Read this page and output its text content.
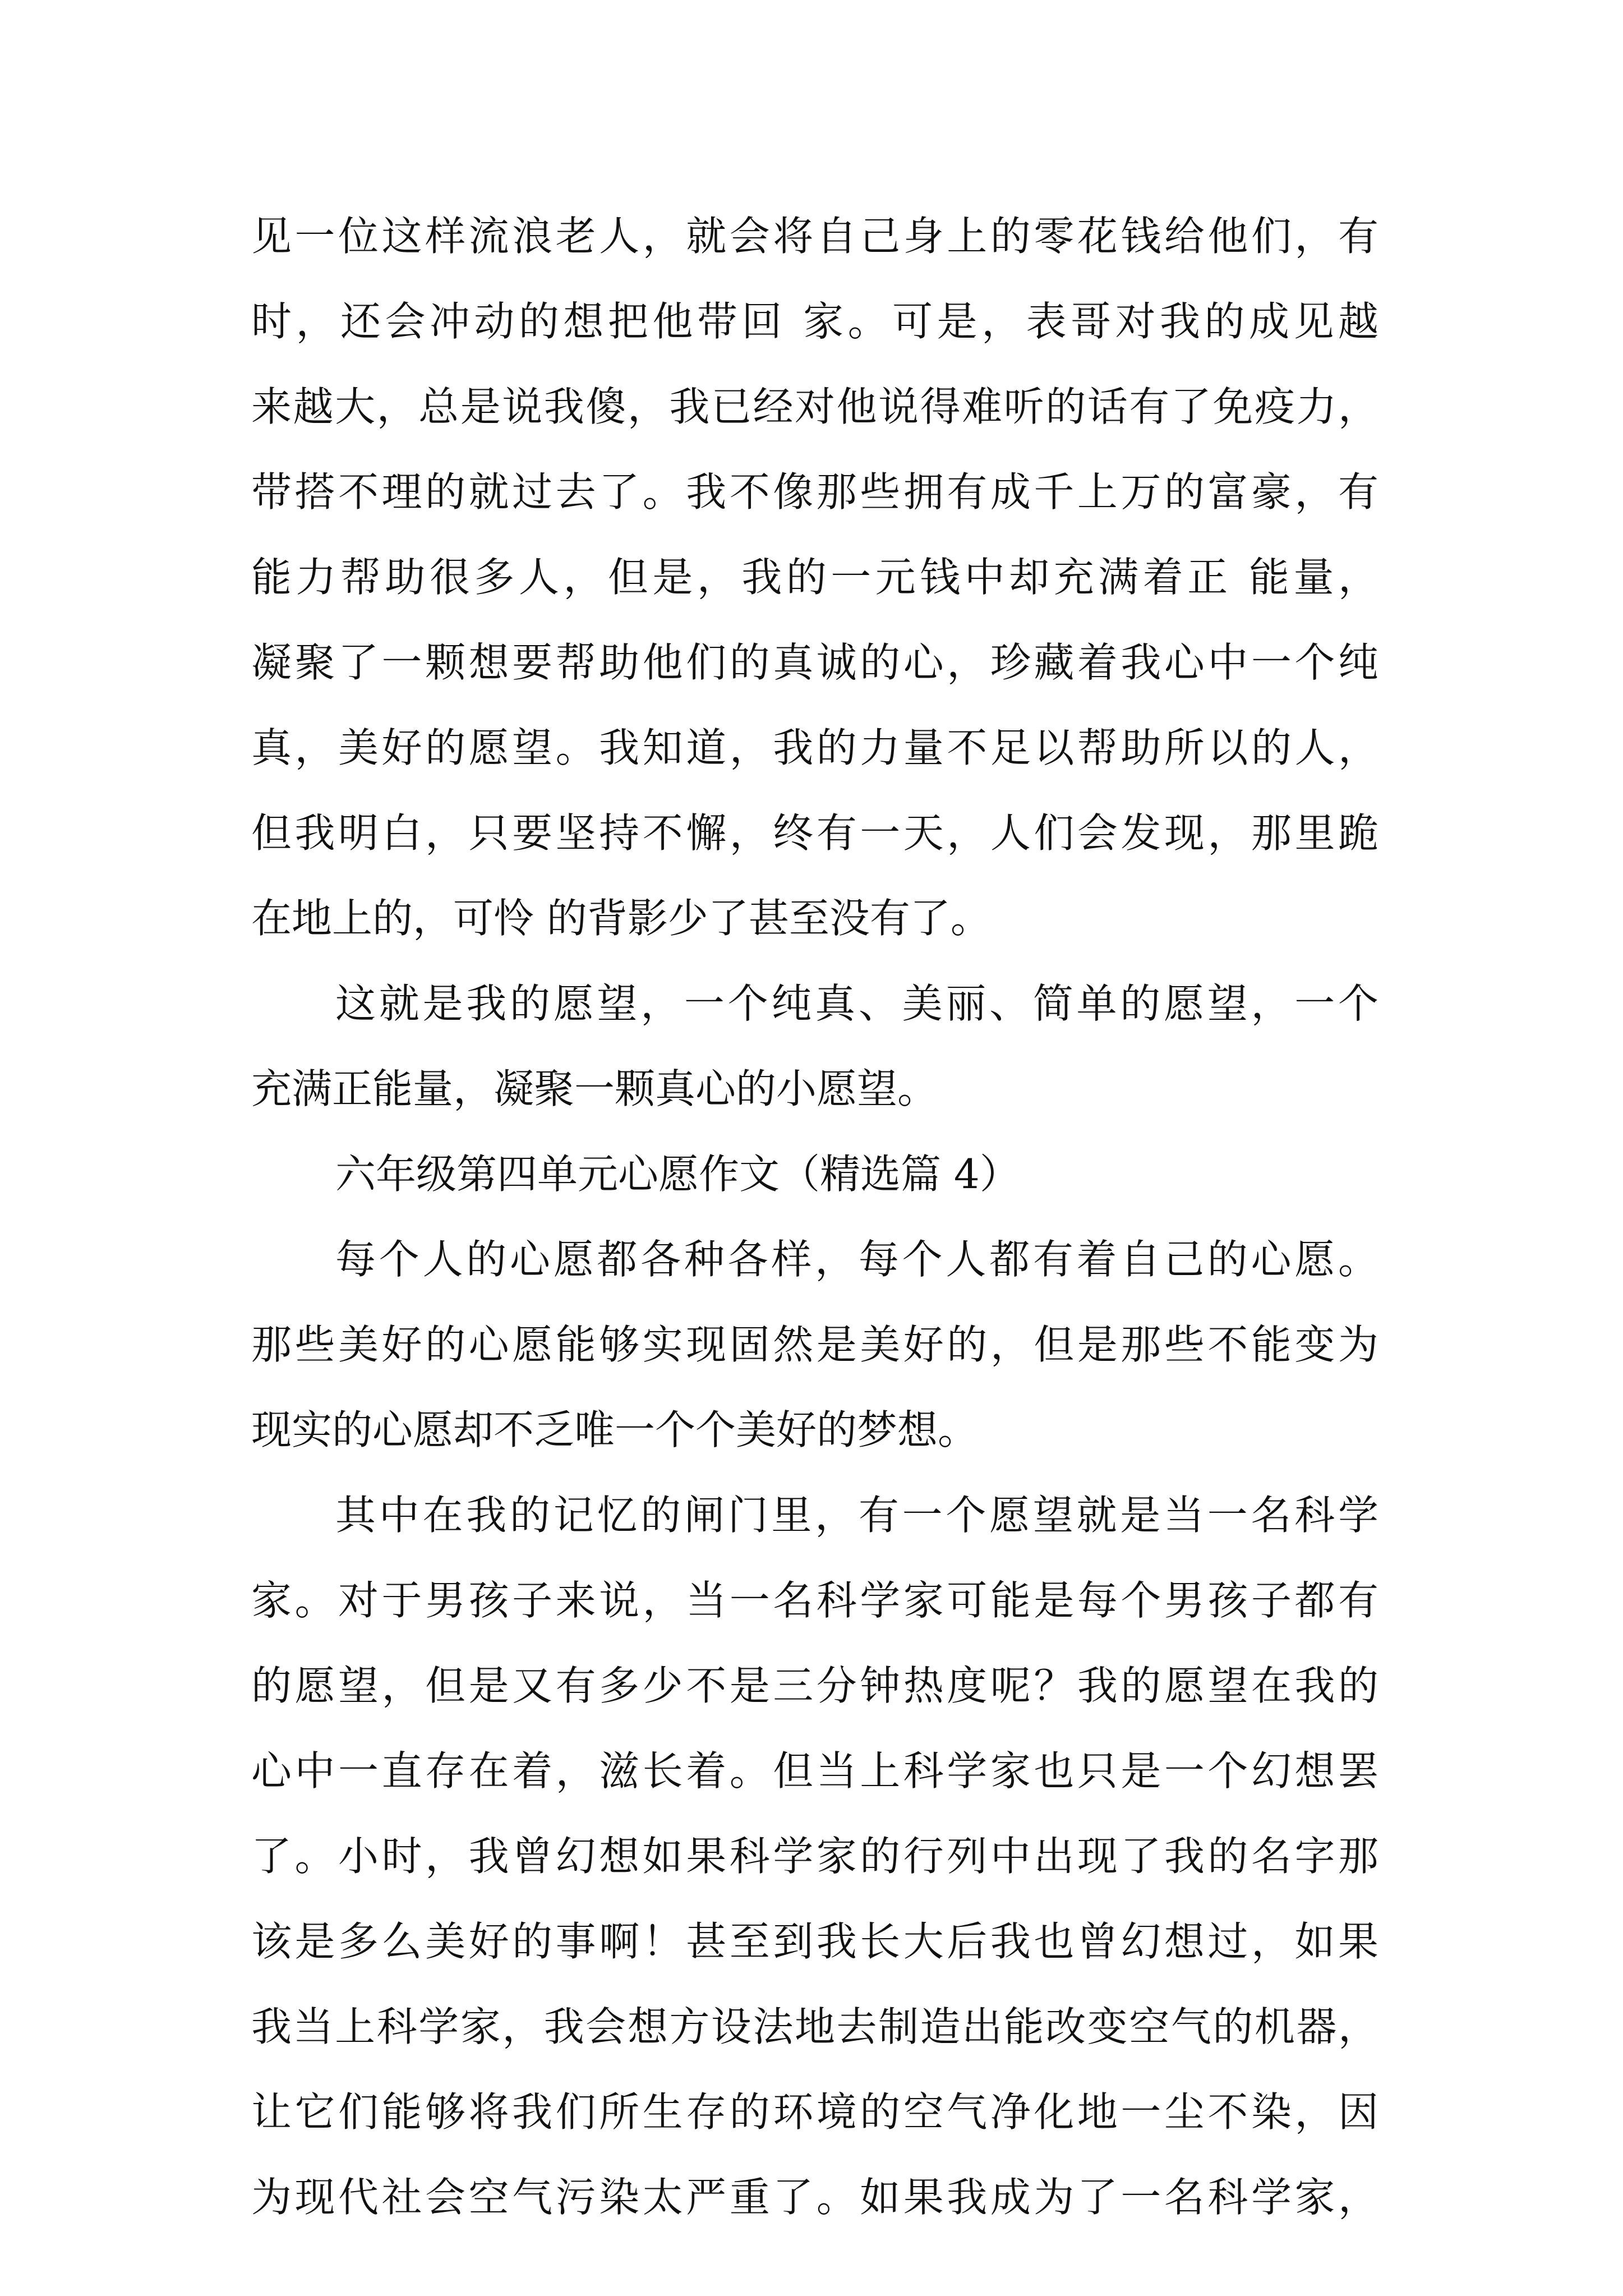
见一位这样流浪老人，就会将自己身上的零花钱给他们，有
时，还会冲动的想把他带回 家。可是，表哥对我的成见越
来越大，总是说我傻，我已经对他说得难听的话有了免疫力，
带搭不理的就过去了。我不像那些拥有成千上万的富豪，有
能力帮助很多人，但是，我的一元钱中却充满着正 能量，
凝聚了一颗想要帮助他们的真诚的心，珍藏着我心中一个纯
真，美好的愿望。我知道，我的力量不足以帮助所以的人，
但我明白，只要坚持不懈，终有一天，人们会发现，那里跪
在地上的，可怜 的背影少了甚至没有了。
这就是我的愿望，一个纯真、美丽、简单的愿望，一个
充满正能量，凝聚一颗真心的小愿望。
六年级第四单元心愿作文（精选篇 4）
每个人的心愿都各种各样，每个人都有着自己的心愿。
那些美好的心愿能够实现固然是美好的，但是那些不能变为
现实的心愿却不乏唯一个个美好的梦想。
其中在我的记忆的闸门里，有一个愿望就是当一名科学
家。对于男孩子来说，当一名科学家可能是每个男孩子都有
的愿望，但是又有多少不是三分钟热度呢？我的愿望在我的
心中一直存在着，滋长着。但当上科学家也只是一个幻想罢
了。小时，我曾幻想如果科学家的行列中出现了我的名字那
该是多么美好的事啊！甚至到我长大后我也曾幻想过，如果
我当上科学家，我会想方设法地去制造出能改变空气的机器，
让它们能够将我们所生存的环境的空气净化地一尘不染，因
为现代社会空气污染太严重了。如果我成为了一名科学家，
